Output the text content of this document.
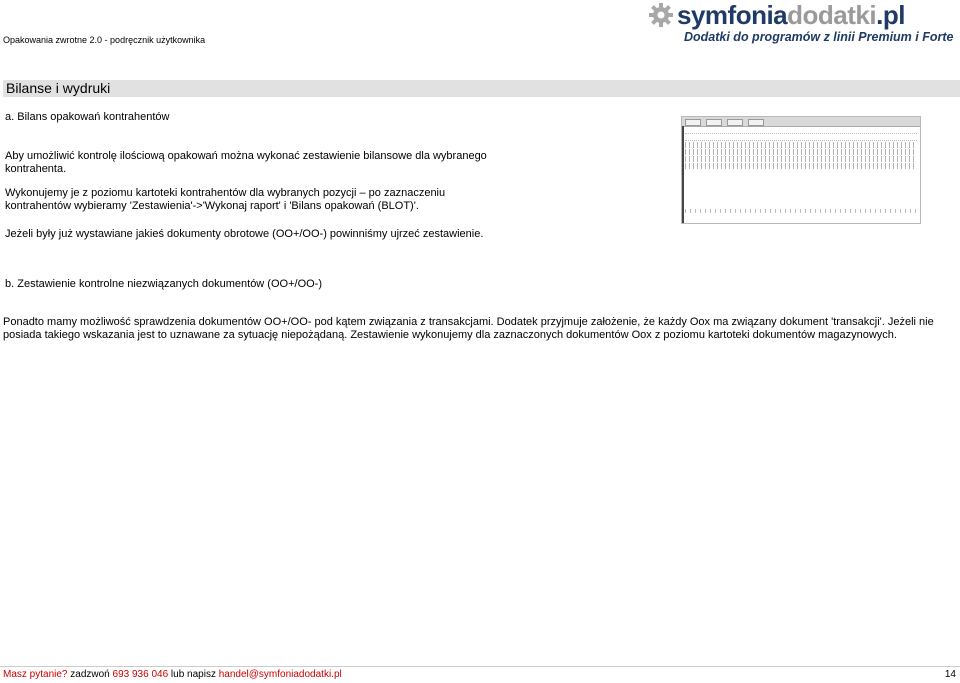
Opakowania zwrotne 2.0 - podręcznik użytkownika
symfoniadodatki.pl
Dodatki do programów z linii Premium i Forte
Bilanse i wydruki
a. Bilans opakowań kontrahentów
Aby umożliwić kontrolę ilościową opakowań można wykonać zestawienie bilansowe dla wybranego kontrahenta.
Wykonujemy je z poziomu kartoteki kontrahentów dla wybranych pozycji – po zaznaczeniu kontrahentów wybieramy 'Zestawienia'->'Wykonaj raport' i 'Bilans opakowań (BLOT)'.
Jeżeli były już wystawiane jakieś dokumenty obrotowe (OO+/OO-) powinniśmy ujrzeć zestawienie.
b. Zestawienie kontrolne niezwiązanych dokumentów (OO+/OO-)
Ponadto mamy możliwość sprawdzenia dokumentów OO+/OO- pod kątem związania z transakcjami. Dodatek przyjmuje założenie, że każdy Oox ma związany dokument 'transakcji'. Jeżeli nie posiada takiego wskazania jest to uznawane za sytuację niepożądaną. Zestawienie wykonujemy dla zaznaczonych dokumentów Oox z poziomu kartoteki dokumentów magazynowych.
Masz pytanie? zadzwoń 693 936 046 lub napisz handel@symfoniadodatki.pl	14
